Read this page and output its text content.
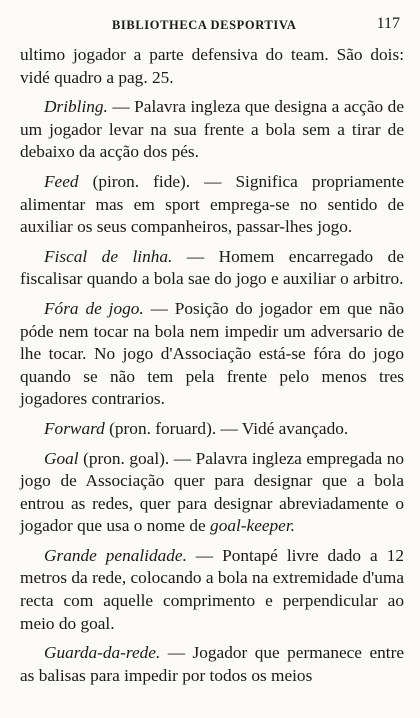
BIBLIOTHECA DESPORTIVA	117

ultimo jogador a parte defensiva do team. São dois: vidé quadro a pag. 25.

Dribling. — Palavra ingleza que designa a acção de um jogador levar na sua frente a bola sem a tirar de debaixo da acção dos pés.

Feed (piron. fide). — Significa propriamente alimentar mas em sport emprega-se no sentido de auxiliar os seus companheiros, passar-lhes jogo.

Fiscal de linha. — Homem encarregado de fiscalisar quando a bola sae do jogo e auxiliar o arbitro.

Fóra de jogo. — Posição do jogador em que não póde nem tocar na bola nem impedir um adversario de lhe tocar. No jogo d'Associação está-se fóra do jogo quando se não tem pela frente pelo menos tres jogadores contrarios.

Forward (pron. foruard). — Vidé avançado.

Goal (pron. goal). — Palavra ingleza empregada no jogo de Associação quer para designar que a bola entrou as redes, quer para designar abreviadamente o jogador que usa o nome de goal-keeper.

Grande penalidade. — Pontapé livre dado a 12 metros da rede, colocando a bola na extremidade d'uma recta com aquelle comprimento e perpendicular ao meio do goal.

Guarda-da-rede. — Jogador que permanece entre as balisas para impedir por todos os meios
